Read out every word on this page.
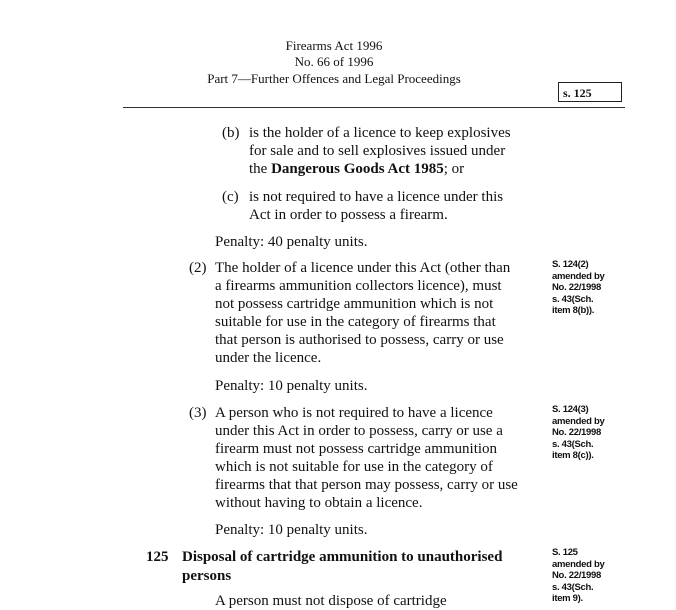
Firearms Act 1996
No. 66 of 1996
Part 7—Further Offences and Legal Proceedings
s. 125
(b) is the holder of a licence to keep explosives
for sale and to sell explosives issued under
the Dangerous Goods Act 1985; or
(c) is not required to have a licence under this
Act in order to possess a firearm.
Penalty: 40 penalty units.
(2) The holder of a licence under this Act (other than
a firearms ammunition collectors licence), must
not possess cartridge ammunition which is not
suitable for use in the category of firearms that
that person is authorised to possess, carry or use
under the licence.
Penalty: 10 penalty units.
S. 124(2)
amended by
No. 22/1998
s. 43(Sch.
item 8(b)).
(3) A person who is not required to have a licence
under this Act in order to possess, carry or use a
firearm must not possess cartridge ammunition
which is not suitable for use in the category of
firearms that that person may possess, carry or use
without having to obtain a licence.
Penalty: 10 penalty units.
S. 124(3)
amended by
No. 22/1998
s. 43(Sch.
item 8(c)).
125 Disposal of cartridge ammunition to unauthorised
persons
A person must not dispose of cartridge
S. 125
amended by
No. 22/1998
s. 43(Sch.
item 9).
